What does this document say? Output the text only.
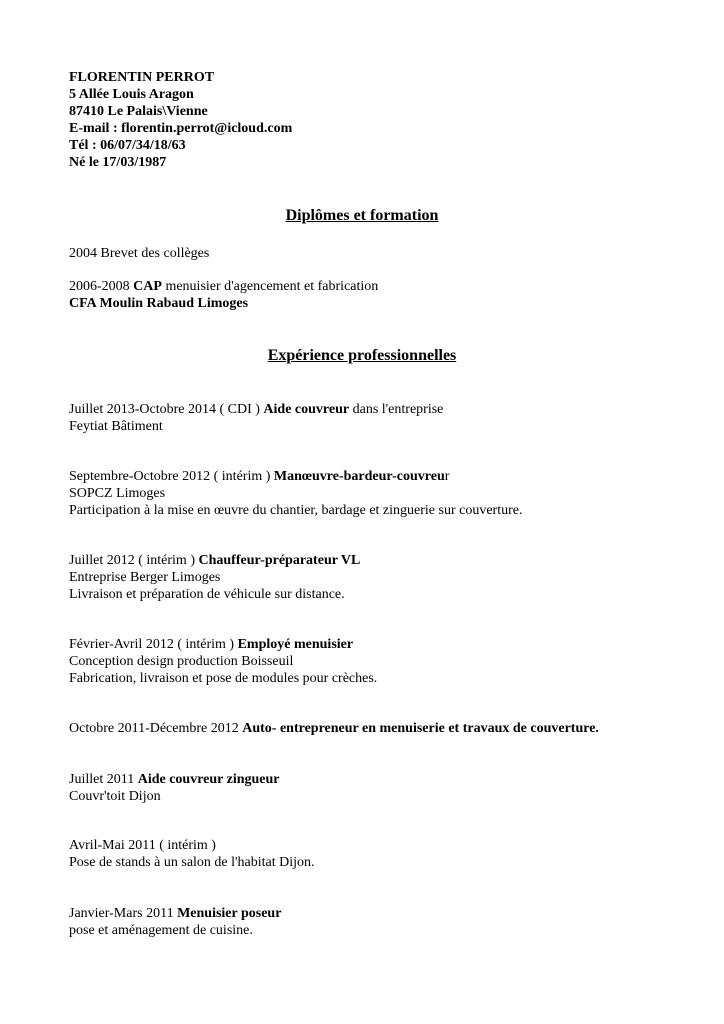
FLORENTIN PERROT
5 Allée Louis Aragon
87410 Le Palais\Vienne
E-mail : florentin.perrot@icloud.com
Tél : 06/07/34/18/63
Né le 17/03/1987
Diplômes et formation
2004 Brevet des collèges
2006-2008 CAP menuisier d'agencement et fabrication
CFA Moulin Rabaud Limoges
Expérience professionnelles
Juillet 2013-Octobre 2014 ( CDI ) Aide couvreur dans l'entreprise
Feytiat Bâtiment
Septembre-Octobre 2012 ( intérim ) Manœuvre-bardeur-couvreur
SOPCZ Limoges
Participation à la mise en œuvre du chantier, bardage et zinguerie sur couverture.
Juillet 2012 ( intérim ) Chauffeur-préparateur VL
Entreprise Berger Limoges
Livraison et préparation de véhicule sur distance.
Février-Avril 2012 ( intérim ) Employé menuisier
Conception design production Boisseuil
Fabrication, livraison et pose de modules pour crèches.
Octobre 2011-Décembre 2012 Auto- entrepreneur en menuiserie et travaux de couverture.
Juillet 2011 Aide couvreur zingueur
Couvr'toit Dijon
Avril-Mai 2011 ( intérim )
Pose de stands à un salon de l'habitat Dijon.
Janvier-Mars 2011 Menuisier poseur
pose et aménagement de cuisine.
